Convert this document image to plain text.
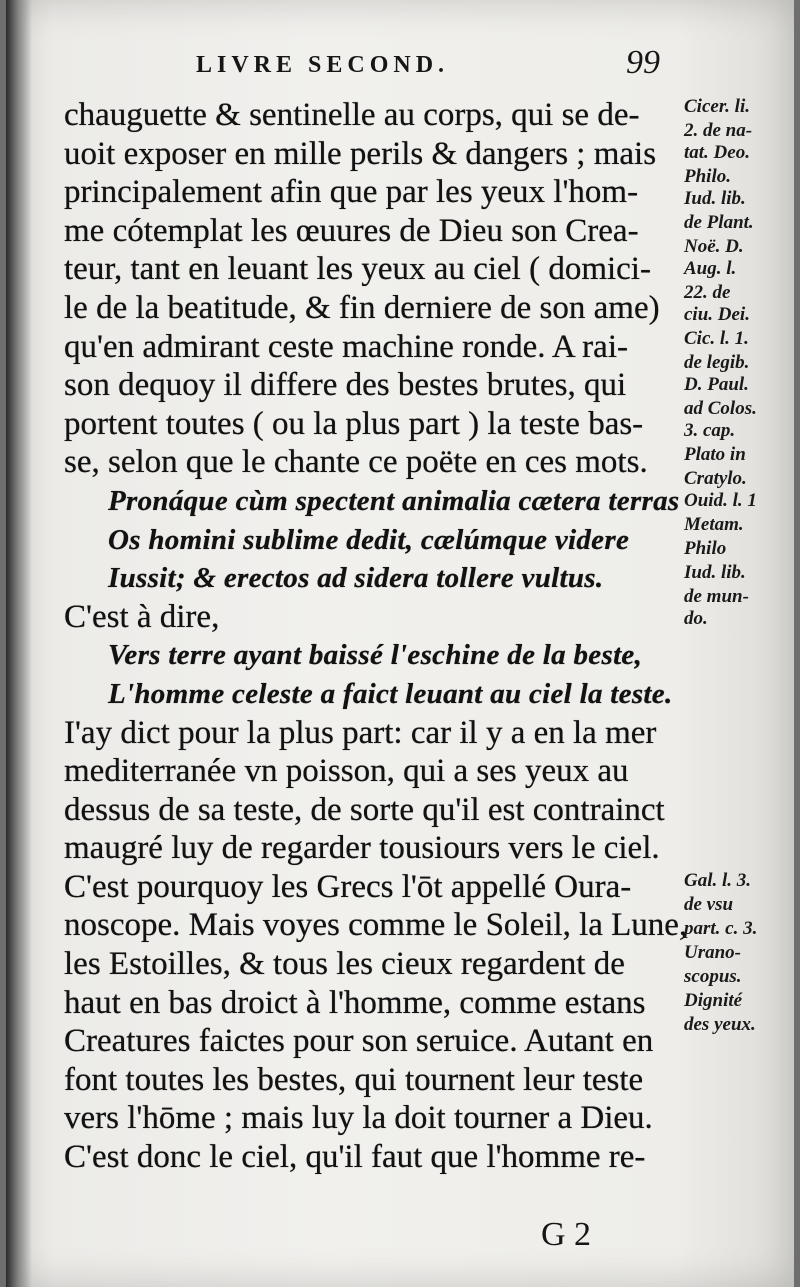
LIVRE SECOND.	99
chauguette & sentinelle au corps, qui se de-
uoit exposer en mille perils & dangers ; mais
principalement afin que par les yeux l'hom-
me cótemplat les œuures de Dieu son Crea-
teur, tant en leuant les yeux au ciel ( domici-
le de la beatitude, & fin derniere de son ame)
qu'en admirant ceste machine ronde. A rai-
son dequoy il differe des bestes brutes, qui
portent toutes ( ou la plus part ) la teste bas-
se, selon que le chante ce poëte en ces mots.
Pronáque cùm spectent animalia cætera terras
Os homini sublime dedit, cælúmque videre
Iussit; & erectos ad sidera tollere vultus.
C'est à dire,
Vers terre ayant baissé l'eschine de la beste,
L'homme celeste a faict leuant au ciel la teste.
I'ay dict pour la plus part: car il y a en la mer
mediterranée vn poisson, qui a ses yeux au
dessus de sa teste, de sorte qu'il est contrainct
maugré luy de regarder tousiours vers le ciel.
C'est pourquoy les Grecs l'ōt appellé Oura-
noscope. Mais voyes comme le Soleil, la Lune,
les Estoilles, & tous les cieux regardent de
haut en bas droict à l'homme, comme estans
Creatures faictes pour son seruice. Autant en
font toutes les bestes, qui tournent leur teste
vers l'hōme ; mais luy la doit tourner a Dieu.
C'est donc le ciel, qu'il faut que l'homme re-
Cicer. li.
2. de na-
tat. Deo.
Philo.
Iud. lib.
de Plant.
Noë. D.
Aug. l.
22. de
ciu. Dei.
Cic. l. 1.
de legib.
D. Paul.
ad Colos.
3. cap.
Plato in
Cratylo.
Ouid. l. 1
Metam.
Philo
Iud. lib.
de mun-
do.
Gal. l. 3.
de vsu
part. c. 3.
Urano-
scopus.
Dignité
des yeux.
G 2
